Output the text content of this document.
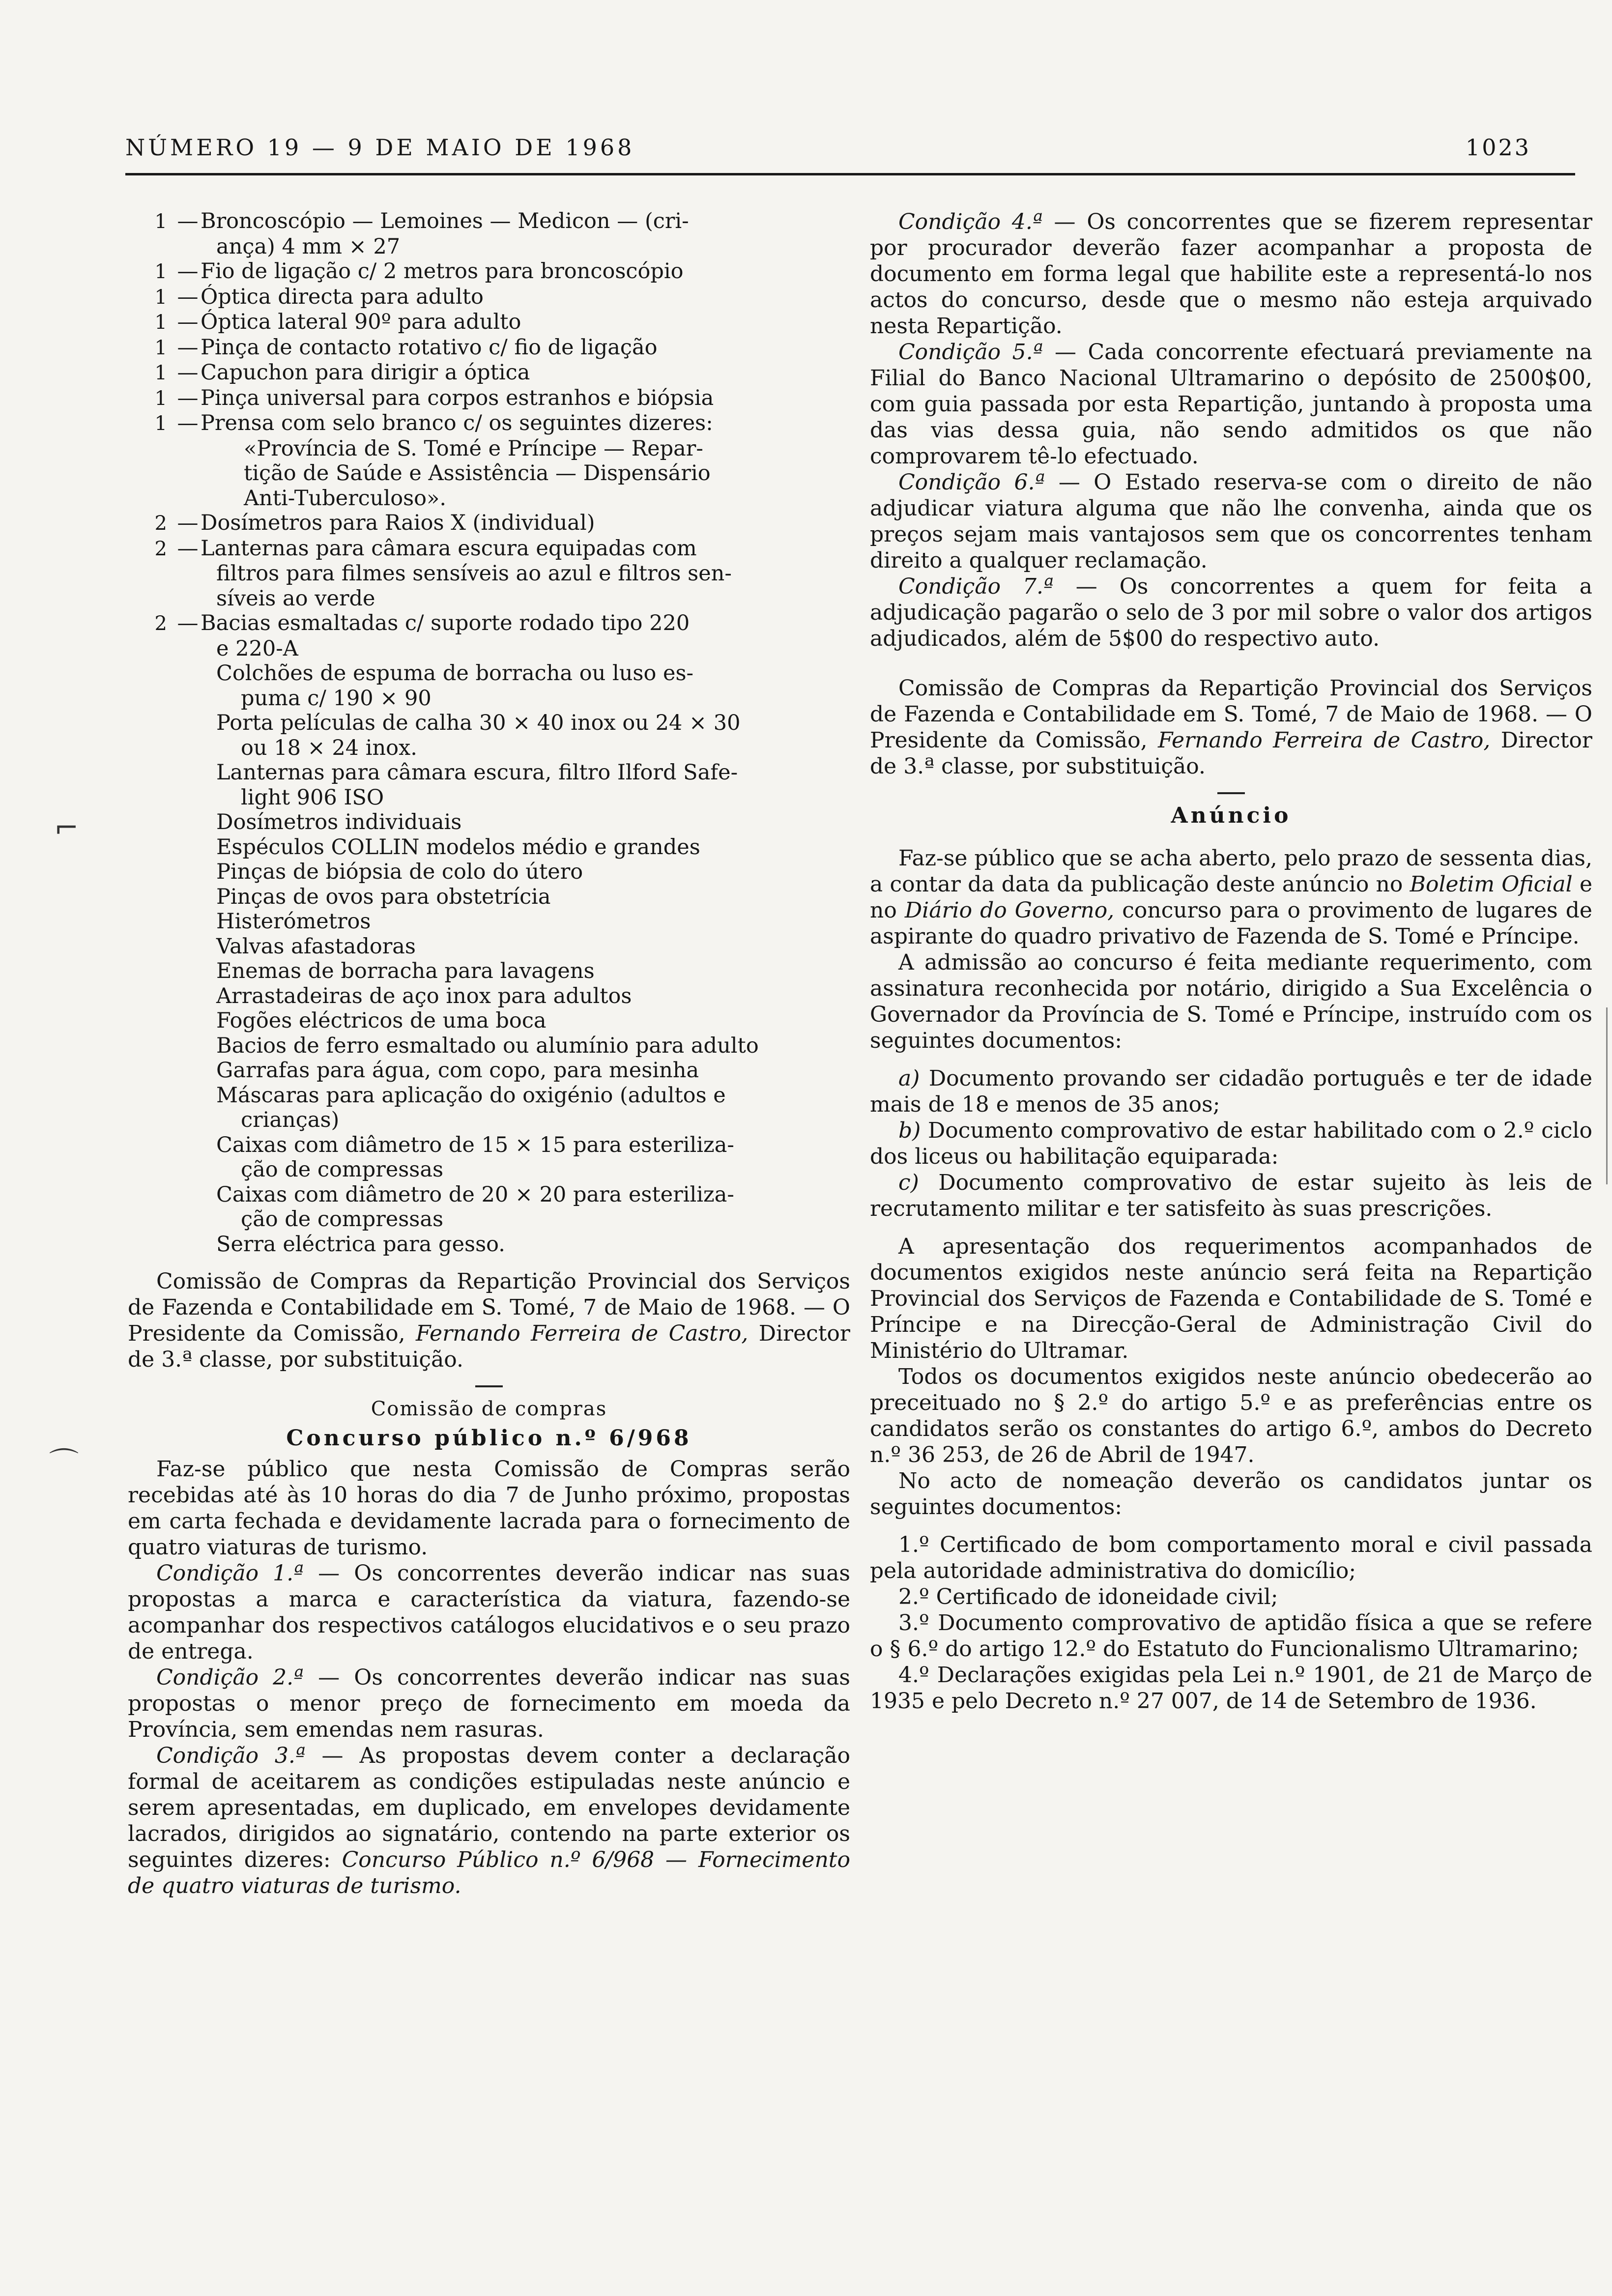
NÚMERO 19 — 9 DE MAIO DE 1968	1023
1 — Broncoscópio — Lemoines — Medicon — (cri-
ança) 4 mm × 27
1 — Fio de ligação c/ 2 metros para broncoscópio
1 — Óptica directa para adulto
1 — Óptica lateral 90º para adulto
1 — Pinça de contacto rotativo c/ fio de ligação
1 — Capuchon para dirigir a óptica
1 — Pinça universal para corpos estranhos e biópsia
1 — Prensa com selo branco c/ os seguintes dizeres:
«Província de S. Tomé e Príncipe — Repar-
tição de Saúde e Assistência — Dispensário
Anti-Tuberculoso».
2 — Dosímetros para Raios X (individual)
2 — Lanternas para câmara escura equipadas com
filtros para filmes sensíveis ao azul e filtros sen-
síveis ao verde
2 — Bacias esmaltadas c/ suporte rodado tipo 220
e 220-A
Colchões de espuma de borracha ou luso es-
puma c/ 190 × 90
Porta películas de calha 30 × 40 inox ou 24 × 30
ou 18 × 24 inox.
Lanternas para câmara escura, filtro Ilford Safe-
light 906 ISO
Dosímetros individuais
Espéculos COLLIN modelos médio e grandes
Pinças de biópsia de colo do útero
Pinças de ovos para obstetrícia
Histerómetros
Valvas afastadoras
Enemas de borracha para lavagens
Arrastadeiras de aço inox para adultos
Fogões eléctricos de uma boca
Bacios de ferro esmaltado ou alumínio para adulto
Garrafas para água, com copo, para mesinha
Máscaras para aplicação do oxigénio (adultos e
crianças)
Caixas com diâmetro de 15 × 15 para esteriliza-
ção de compressas
Caixas com diâmetro de 20 × 20 para esteriliza-
ção de compressas
Serra eléctrica para gesso.

Comissão de Compras da Repartição Provincial dos Serviços de Fazenda e Contabilidade em S. Tomé, 7 de Maio de 1968. — O Presidente da Comissão, Fernando Ferreira de Castro, Director de 3.ª classe, por substituição.

Comissão de compras
Concurso público n.º 6/968

Faz-se público que nesta Comissão de Compras serão recebidas até às 10 horas do dia 7 de Junho próximo, propostas em carta fechada e devidamente lacrada para o fornecimento de quatro viaturas de turismo.

Condição 1.ª — Os concorrentes deverão indicar nas suas propostas a marca e característica da viatura, fazendo-se acompanhar dos respectivos catálogos elucidativos e o seu prazo de entrega.

Condição 2.ª — Os concorrentes deverão indicar nas suas propostas o menor preço de fornecimento em moeda da Província, sem emendas nem rasuras.

Condição 3.ª — As propostas devem conter a declaração formal de aceitarem as condições estipuladas neste anúncio e serem apresentadas, em duplicado, em envelopes devidamente lacrados, dirigidos ao signatário, contendo na parte exterior os seguintes dizeres: Concurso Público n.º 6/968 — Fornecimento de quatro viaturas de turismo.

Condição 4.ª — Os concorrentes que se fizerem representar por procurador deverão fazer acompanhar a proposta de documento em forma legal que habilite este a representá-lo nos actos do concurso, desde que o mesmo não esteja arquivado nesta Repartição.

Condição 5.ª — Cada concorrente efectuará previamente na Filial do Banco Nacional Ultramarino o depósito de 2500$00, com guia passada por esta Repartição, juntando à proposta uma das vias dessa guia, não sendo admitidos os que não comprovarem tê-lo efectuado.

Condição 6.ª — O Estado reserva-se com o direito de não adjudicar viatura alguma que não lhe convenha, ainda que os preços sejam mais vantajosos sem que os concorrentes tenham direito a qualquer reclamação.

Condição 7.ª — Os concorrentes a quem for feita a adjudicação pagarão o selo de 3 por mil sobre o valor dos artigos adjudicados, além de 5$00 do respectivo auto.

Comissão de Compras da Repartição Provincial dos Serviços de Fazenda e Contabilidade em S. Tomé, 7 de Maio de 1968. — O Presidente da Comissão, Fernando Ferreira de Castro, Director de 3.ª classe, por substituição.

Anúncio

Faz-se público que se acha aberto, pelo prazo de sessenta dias, a contar da data da publicação deste anúncio no Boletim Oficial e no Diário do Governo, concurso para o provimento de lugares de aspirante do quadro privativo de Fazenda de S. Tomé e Príncipe.

A admissão ao concurso é feita mediante requerimento, com assinatura reconhecida por notário, dirigido a Sua Excelência o Governador da Província de S. Tomé e Príncipe, instruído com os seguintes documentos:

a) Documento provando ser cidadão português e ter de idade mais de 18 e menos de 35 anos;

b) Documento comprovativo de estar habilitado com o 2.º ciclo dos liceus ou habilitação equiparada:

c) Documento comprovativo de estar sujeito às leis de recrutamento militar e ter satisfeito às suas prescrições.

A apresentação dos requerimentos acompanhados de documentos exigidos neste anúncio será feita na Repartição Provincial dos Serviços de Fazenda e Contabilidade de S. Tomé e Príncipe e na Direcção-Geral de Administração Civil do Ministério do Ultramar.

Todos os documentos exigidos neste anúncio obedecerão ao preceituado no § 2.º do artigo 5.º e as preferências entre os candidatos serão os constantes do artigo 6.º, ambos do Decreto n.º 36 253, de 26 de Abril de 1947.

No acto de nomeação deverão os candidatos juntar os seguintes documentos:

1.º Certificado de bom comportamento moral e civil passada pela autoridade administrativa do domicílio;

2.º Certificado de idoneidade civil;

3.º Documento comprovativo de aptidão física a que se refere o § 6.º do artigo 12.º do Estatuto do Funcionalismo Ultramarino;

4.º Declarações exigidas pela Lei n.º 1901, de 21 de Março de 1935 e pelo Decreto n.º 27 007, de 14 de Setembro de 1936.

⌐
⌒
